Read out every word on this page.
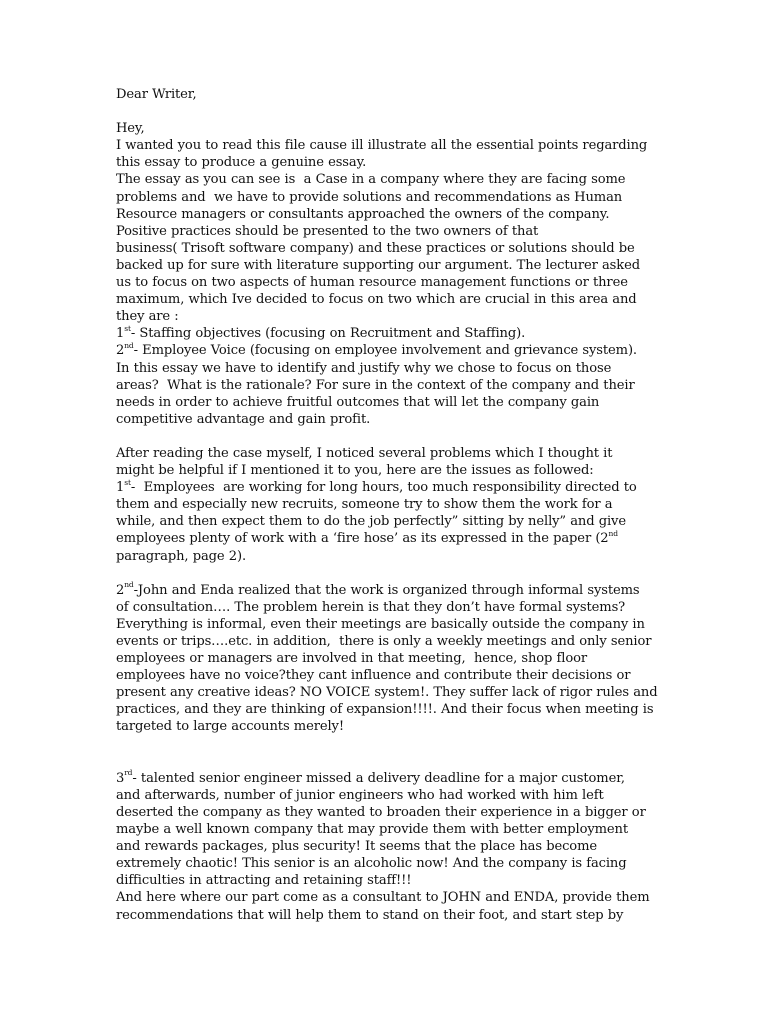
Dear Writer,
Hey,
I wanted you to read this file cause ill illustrate all the essential points regarding
this essay to produce a genuine essay.
The essay as you can see is  a Case in a company where they are facing some
problems and  we have to provide solutions and recommendations as Human
Resource managers or consultants approached the owners of the company.
Positive practices should be presented to the two owners of that
business( Trisoft software company) and these practices or solutions should be
backed up for sure with literature supporting our argument. The lecturer asked
us to focus on two aspects of human resource management functions or three
maximum, which Ive decided to focus on two which are crucial in this area and
they are :
1st- Staffing objectives (focusing on Recruitment and Staffing).
2nd- Employee Voice (focusing on employee involvement and grievance system).
In this essay we have to identify and justify why we chose to focus on those
areas?  What is the rationale? For sure in the context of the company and their
needs in order to achieve fruitful outcomes that will let the company gain
competitive advantage and gain profit.
After reading the case myself, I noticed several problems which I thought it
might be helpful if I mentioned it to you, here are the issues as followed:
1st-  Employees  are working for long hours, too much responsibility directed to
them and especially new recruits, someone try to show them the work for a
while, and then expect them to do the job perfectly” sitting by nelly” and give
employees plenty of work with a ‘fire hose’ as its expressed in the paper (2nd
paragraph, page 2).
2nd-John and Enda realized that the work is organized through informal systems
of consultation…. The problem herein is that they don’t have formal systems?
Everything is informal, even their meetings are basically outside the company in
events or trips….etc. in addition,  there is only a weekly meetings and only senior
employees or managers are involved in that meeting,  hence, shop floor
employees have no voice?they cant influence and contribute their decisions or
present any creative ideas? NO VOICE system!. They suffer lack of rigor rules and
practices, and they are thinking of expansion!!!!. And their focus when meeting is
targeted to large accounts merely!
3rd- talented senior engineer missed a delivery deadline for a major customer,
and afterwards, number of junior engineers who had worked with him left
deserted the company as they wanted to broaden their experience in a bigger or
maybe a well known company that may provide them with better employment
and rewards packages, plus security! It seems that the place has become
extremely chaotic! This senior is an alcoholic now! And the company is facing
difficulties in attracting and retaining staff!!!
And here where our part come as a consultant to JOHN and ENDA, provide them
recommendations that will help them to stand on their foot, and start step by
